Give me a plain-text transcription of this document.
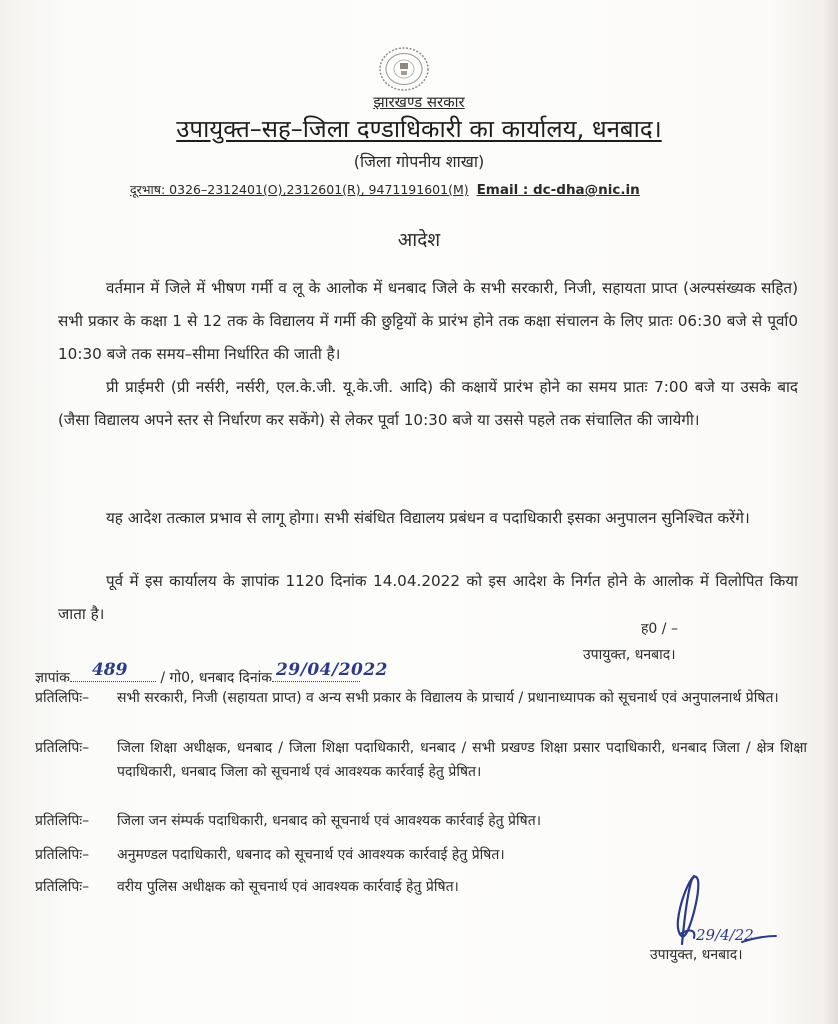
झारखण्ड सरकार
उपायुक्त–सह–जिला दण्डाधिकारी का कार्यालय, धनबाद।
(जिला गोपनीय शाखा)
दूरभाष: 0326–2312401(O),2312601(R), 9471191601(M) Email : dc-dha@nic.in
आदेश

वर्तमान में जिले में भीषण गर्मी व लू के आलोक में धनबाद जिले के सभी सरकारी, निजी, सहायता प्राप्त (अल्पसंख्यक सहित) सभी प्रकार के कक्षा 1 से 12 तक के विद्यालय में गर्मी की छुट्टियों के प्रारंभ होने तक कक्षा संचालन के लिए प्रातः 06:30 बजे से पूर्वा0 10:30 बजे तक समय–सीमा निर्धारित की जाती है।

प्री प्राईमरी (प्री नर्सरी, नर्सरी, एल.के.जी. यू.के.जी. आदि) की कक्षायें प्रारंभ होने का समय प्रातः 7:00 बजे या उसके बाद (जैसा विद्यालय अपने स्तर से निर्धारण कर सकेंगे) से लेकर पूर्वा 10:30 बजे या उससे पहले तक संचालित की जायेगी।

यह आदेश तत्काल प्रभाव से लागू होगा। सभी संबंधित विद्यालय प्रबंधन व पदाधिकारी इसका अनुपालन सुनिश्चित करेंगे।

पूर्व में इस कार्यालय के ज्ञापांक 1120 दिनांक 14.04.2022 को इस आदेश के निर्गत होने के आलोक में विलोपित किया जाता है।

ह0 / –
उपायुक्त, धनबाद।
ज्ञापांक 489 / गो0, धनबाद दिनांक 29/04/2022
प्रतिलिपिः– सभी सरकारी, निजी (सहायता प्राप्त) व अन्य सभी प्रकार के विद्यालय के प्राचार्य / प्रधानाध्यापक को सूचनार्थ एवं अनुपालनार्थ प्रेषित।
प्रतिलिपिः– जिला शिक्षा अधीक्षक, धनबाद / जिला शिक्षा पदाधिकारी, धनबाद / सभी प्रखण्ड शिक्षा प्रसार पदाधिकारी, धनबाद जिला / क्षेत्र शिक्षा पदाधिकारी, धनबाद जिला को सूचनार्थ एवं आवश्यक कार्रवाई हेतु प्रेषित।
प्रतिलिपिः– जिला जन संम्पर्क पदाधिकारी, धनबाद को सूचनार्थ एवं आवश्यक कार्रवाई हेतु प्रेषित।
प्रतिलिपिः– अनुमण्डल पदाधिकारी, धबनाद को सूचनार्थ एवं आवश्यक कार्रवाई हेतु प्रेषित।
प्रतिलिपिः– वरीय पुलिस अधीक्षक को सूचनार्थ एवं आवश्यक कार्रवाई हेतु प्रेषित।
29/4/22
उपायुक्त, धनबाद।
